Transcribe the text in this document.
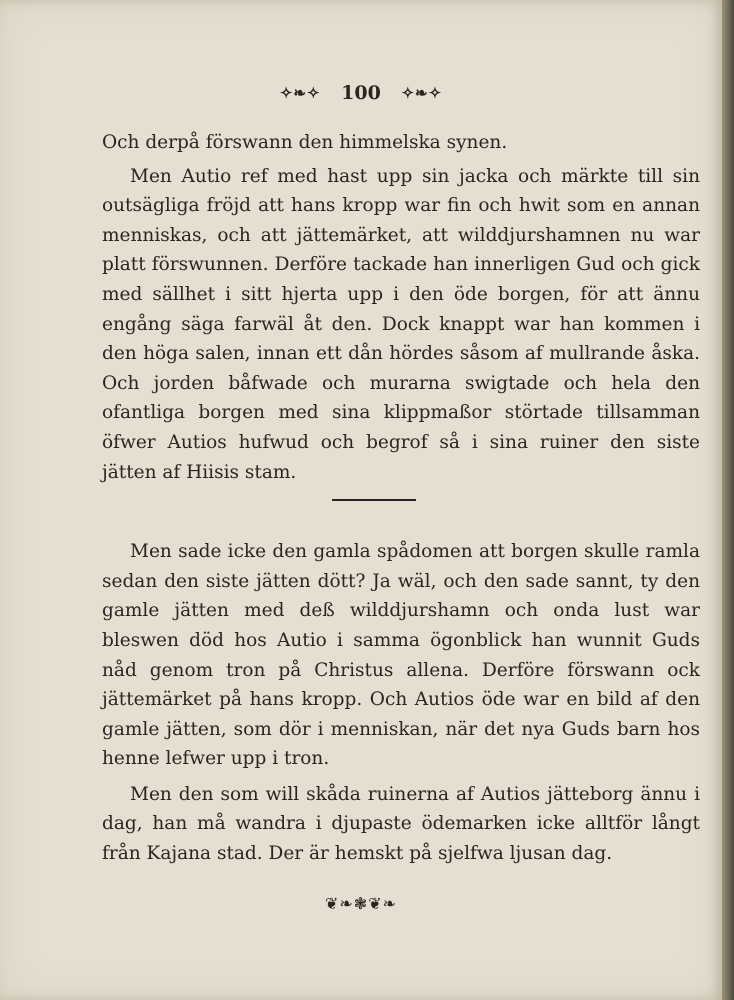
✧❧✧ 100 ✧❧✧

Och derpå förswann den himmelska synen.

Men Autio ref med hast upp sin jacka och märkte till sin outsägliga fröjd att hans kropp war fin och hwit som en annan menniskas, och att jättemärket, att wilddjurshamnen nu war platt förswunnen. Derföre tackade han innerligen Gud och gick med sällhet i sitt hjerta upp i den öde borgen, för att ännu engång säga farwäl åt den. Dock knappt war han kommen i den höga salen, innan ett dån hördes såsom af mullrande åska. Och jorden båfwade och murarna swigtade och hela den ofantliga borgen med sina klippmaßor störtade tillsamman öfwer Autios hufwud och begrof så i sina ruiner den siste jätten af Hiisis stam.

Men sade icke den gamla spådomen att borgen skulle ramla sedan den siste jätten dött? Ja wäl, och den sade sannt, ty den gamle jätten med deß wilddjurshamn och onda lust war bleswen död hos Autio i samma ögonblick han wunnit Guds nåd genom tron på Christus allena. Derföre förswann ock jättemärket på hans kropp. Och Autios öde war en bild af den gamle jätten, som dör i menniskan, när det nya Guds barn hos henne lefwer upp i tron.

Men den som will skåda ruinerna af Autios jätteborg ännu i dag, han må wandra i djupaste ödemarken icke alltför långt från Kajana stad. Der är hemskt på sjelfwa ljusan dag.

❦❧❃❦❧
